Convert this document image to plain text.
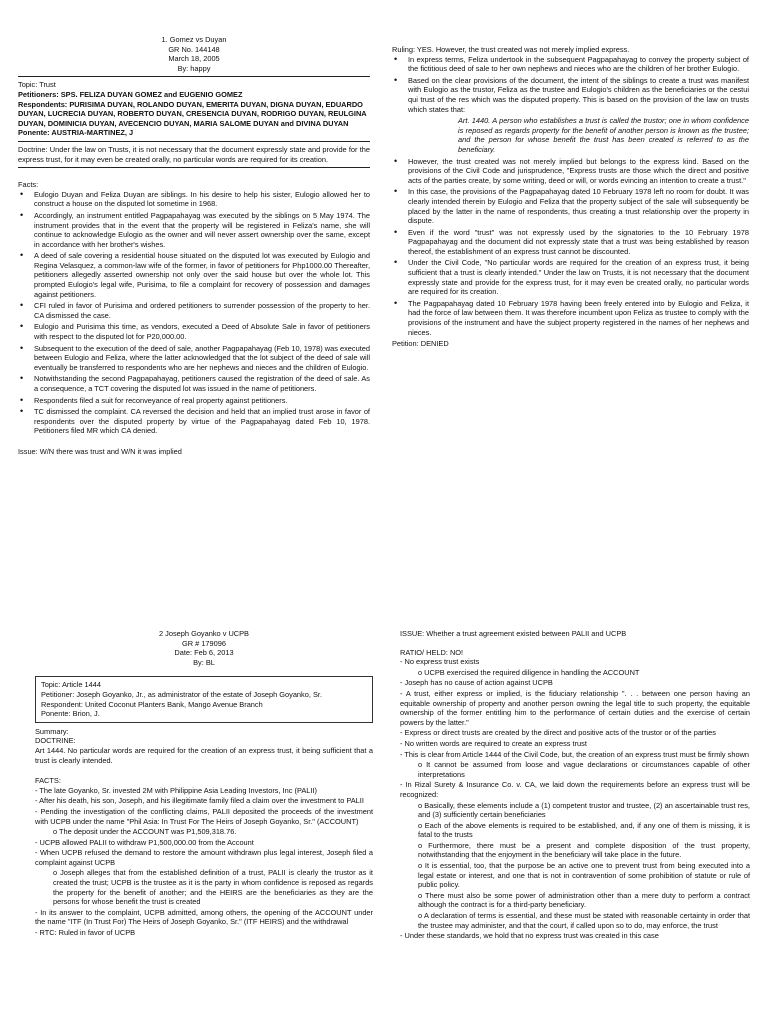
1. Gomez vs Duyan
GR No. 144148
March 18, 2005
By: happy
Topic: Trust
Petitioners: SPS. FELIZA DUYAN GOMEZ and EUGENIO GOMEZ
Respondents: PURISIMA DUYAN, ROLANDO DUYAN, EMERITA DUYAN, DIGNA DUYAN, EDUARDO DUYAN, LUCRECIA DUYAN, ROBERTO DUYAN, CRESENCIA DUYAN, RODRIGO DUYAN, REULGINA DUYAN, DOMINICIA DUYAN, AVECENCIO DUYAN, MARIA SALOME DUYAN and DIVINA DUYAN
Ponente: AUSTRIA-MARTINEZ, J
Doctrine: Under the law on Trusts, it is not necessary that the document expressly state and provide for the express trust, for it may even be created orally, no particular words are required for its creation.
Facts:
• Eulogio Duyan and Feliza Duyan are siblings. In his desire to help his sister, Eulogio allowed her to construct a house on the disputed lot sometime in 1968.
• Accordingly, an instrument entitled Pagpapahayag was executed by the siblings on 5 May 1974. The instrument provides that in the event that the property will be registered in Feliza's name, she will continue to acknowledge Eulogio as the owner and will never assert ownership over the same, except in accordance with her brother's wishes.
• A deed of sale covering a residential house situated on the disputed lot was executed by Eulogio and Regina Velasquez, a common-law wife of the former, in favor of petitioners for Php1000.00 Thereafter, petitioners allegedly asserted ownership not only over the said house but over the whole lot. This prompted Eulogio's legal wife, Purisima, to file a complaint for recovery of possession and damages against petitioners.
• CFI ruled in favor of Purisima and ordered petitioners to surrender possession of the property to her. CA dismissed the case.
• Eulogio and Purisima this time, as vendors, executed a Deed of Absolute Sale in favor of petitioners with respect to the disputed lot for P20,000.00.
• Subsequent to the execution of the deed of sale, another Pagpapahayag (Feb 10, 1978) was executed between Eulogio and Feliza, where the latter acknowledged that the lot subject of the deed of sale will eventually be transferred to respondents who are her nephews and nieces and the children of Eulogio.
• Notwithstanding the second Pagpapahayag, petitioners caused the registration of the deed of sale. As a consequence, a TCT covering the disputed lot was issued in the name of petitioners.
• Respondents filed a suit for reconveyance of real property against petitioners.
• TC dismissed the complaint. CA reversed the decision and held that an implied trust arose in favor of respondents over the disputed property by virtue of the Pagpapahayag dated Feb 10, 1978. Petitioners filed MR which CA denied.
Issue: W/N there was trust and W/N it was implied
Ruling: YES. However, the trust created was not merely implied express.
• In express terms, Feliza undertook in the subsequent Pagpapahayag to convey the property subject of the fictitious deed of sale to her own nephews and nieces who are the children of her brother Eulogio.
• Based on the clear provisions of the document, the intent of the siblings to create a trust was manifest with Eulogio as the trustor, Feliza as the trustee and Eulogio's children as the beneficiaries or the cestui qui trust of the res which was the disputed property. This is based on the provision of the law on trusts which states that:
Art. 1440. A person who establishes a trust is called the trustor; one in whom confidence is reposed as regards property for the benefit of another person is known as the trustee; and the person for whose benefit the trust has been created is referred to as the beneficiary.
• However, the trust created was not merely implied but belongs to the express kind. Based on the provisions of the Civil Code and jurisprudence, "Express trusts are those which the direct and positive acts of the parties create, by some writing, deed or will, or words evincing an intention to create a trust."
• In this case, the provisions of the Pagpapahayag dated 10 February 1978 left no room for doubt. It was clearly intended therein by Eulogio and Feliza that the property subject of the sale will subsequently be placed by the latter in the name of respondents, thus creating a trust relationship over the property in dispute.
• Even if the word "trust" was not expressly used by the signatories to the 10 February 1978 Pagpapahayag and the document did not expressly state that a trust was being established by reason thereof, the establishment of an express trust cannot be discounted.
• Under the Civil Code, "No particular words are required for the creation of an express trust, it being sufficient that a trust is clearly intended." Under the law on Trusts, it is not necessary that the document expressly state and provide for the express trust, for it may even be created orally, no particular words are required for its creation.
• The Pagpapahayag dated 10 February 1978 having been freely entered into by Eulogio and Feliza, it had the force of law between them. It was therefore incumbent upon Feliza as trustee to comply with the provisions of the instrument and have the subject property registered in the names of her nephews and nieces.
Petition: DENIED
2 Joseph Goyanko v UCPB
GR # 179096
Date: Feb 6, 2013
By: BL
Topic: Article 1444
Petitioner: Joseph Goyanko, Jr., as administrator of the estate of Joseph Goyanko, Sr.
Respondent: United Coconut Planters Bank, Mango Avenue Branch
Ponente: Brion, J.
Summary:
DOCTRINE:
Art 1444. No particular words are required for the creation of an express trust, it being sufficient that a trust is clearly intended.
FACTS:
- The late Goyanko, Sr. invested 2M with Philippine Asia Leading Investors, Inc (PALII)
- After his death, his son, Joseph, and his illegitimate family filed a claim over the investment to PALII
- Pending the investigation of the conflicting claims, PALII deposited the proceeds of the investment with UCPB under the name "Phil Asia: In Trust For The Heirs of Joseph Goyanko, Sr." (ACCOUNT)
o The deposit under the ACCOUNT was P1,509,318.76.
- UCPB allowed PALII to withdraw P1,500,000.00 from the Account
- When UCPB refused the demand to restore the amount withdrawn plus legal interest, Joseph filed a complaint against UCPB
o Joseph alleges that from the established definition of a trust, PALII is clearly the trustor as it created the trust; UCPB is the trustee as it is the party in whom confidence is reposed as regards the property for the benefit of another; and the HEIRS are the beneficiaries as they are the persons for whose benefit the trust is created
- In its answer to the complaint, UCPB admitted, among others, the opening of the ACCOUNT under the name "ITF (In Trust For) The Heirs of Joseph Goyanko, Sr." (ITF HEIRS) and the withdrawal
- RTC: Ruled in favor of UCPB
ISSUE: Whether a trust agreement existed between PALII and UCPB
RATIO/ HELD: NO!
- No express trust exists
o UCPB exercised the required diligence in handling the ACCOUNT
- Joseph has no cause of action against UCPB
- A trust, either express or implied, is the fiduciary relationship ". . . between one person having an equitable ownership of property and another person owning the legal title to such property, the equitable ownership of the former entitling him to the performance of certain duties and the exercise of certain powers by the latter."
- Express or direct trusts are created by the direct and positive acts of the trustor or of the parties
- No written words are required to create an express trust
- This is clear from Article 1444 of the Civil Code, but, the creation of an express trust must be firmly shown
o It cannot be assumed from loose and vague declarations or circumstances capable of other interpretations
- In Rizal Surety & Insurance Co. v. CA, we laid down the requirements before an express trust will be recognized:
o Basically, these elements include a (1) competent trustor and trustee, (2) an ascertainable trust res, and (3) sufficiently certain beneficiaries
o Each of the above elements is required to be established, and, if any one of them is missing, it is fatal to the trusts
o Furthermore, there must be a present and complete disposition of the trust property, notwithstanding that the enjoyment in the beneficiary will take place in the future.
o It is essential, too, that the purpose be an active one to prevent trust from being executed into a legal estate or interest, and one that is not in contravention of some prohibition of statute or rule of public policy.
o There must also be some power of administration other than a mere duty to perform a contract although the contract is for a third-party beneficiary.
o A declaration of terms is essential, and these must be stated with reasonable certainty in order that the trustee may administer, and that the court, if called upon so to do, may enforce, the trust
- Under these standards, we hold that no express trust was created in this case
